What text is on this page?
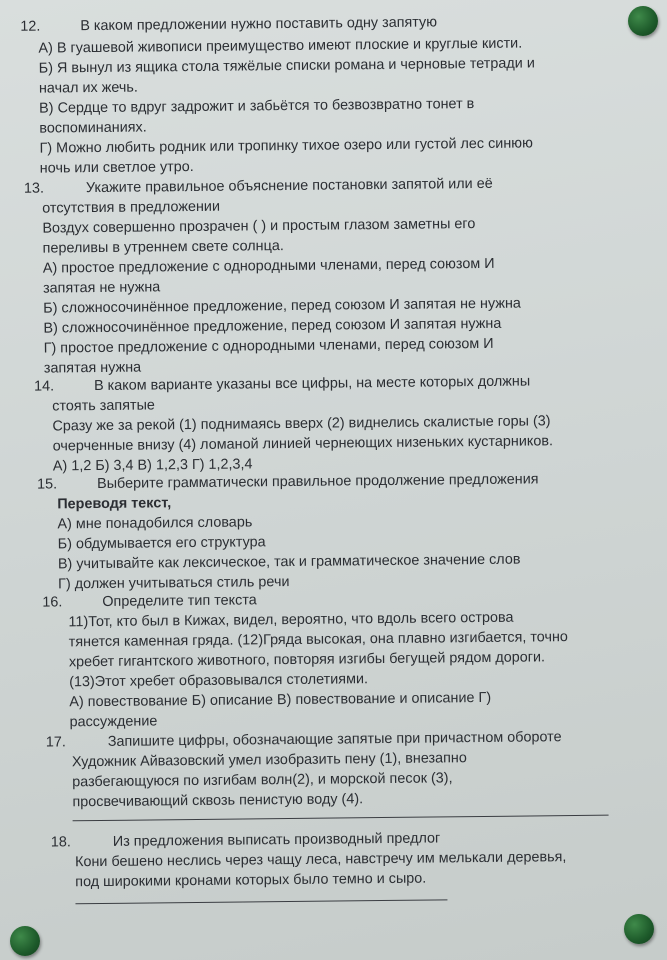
12.	В каком предложении нужно поставить одну запятую
А) В гуашевой живописи преимущество имеют плоские и круглые кисти.
Б) Я вынул из ящика стола тяжёлые списки романа и черновые тетради и
начал их жечь.
В) Сердце то вдруг задрожит и забьётся то безвозвратно тонет в
воспоминаниях.
Г) Можно любить родник или тропинку тихое озеро или густой лес синюю
ночь или светлое утро.
13.	Укажите правильное объяснение постановки запятой или её
отсутствия в предложении
Воздух совершенно прозрачен ( ) и простым глазом заметны его
переливы в утреннем свете солнца.
А) простое предложение с однородными членами, перед союзом И
запятая не нужна
Б) сложносочинённое предложение, перед союзом И запятая не нужна
В) сложносочинённое предложение, перед союзом И запятая нужна
Г) простое предложение с однородными членами, перед союзом И
запятая нужна
14.	В каком варианте указаны все цифры, на месте которых должны
стоять запятые
Сразу же за рекой (1) поднимаясь вверх (2) виднелись скалистые горы (3)
очерченные внизу (4) ломаной линией чернеющих низеньких кустарников.
А) 1,2 Б) 3,4 В) 1,2,3 Г) 1,2,3,4
15.	Выберите грамматически правильное продолжение предложения
Переводя текст,
А) мне понадобился словарь
Б) обдумывается его структура
В) учитывайте как лексическое, так и грамматическое значение слов
Г) должен учитываться стиль речи
16.	Определите тип текста
11)Тот, кто был в Кижах, видел, вероятно, что вдоль всего острова
тянется каменная гряда. (12)Гряда высокая, она плавно изгибается, точно
хребет гигантского животного, повторяя изгибы бегущей рядом дороги.
(13)Этот хребет образовывался столетиями.
А) повествование Б) описание В) повествование и описание Г)
рассуждение
17.	Запишите цифры, обозначающие запятые при причастном обороте
Художник Айвазовский умел изобразить пену (1), внезапно
разбегающуюся по изгибам волн(2), и морской песок (3),
просвечивающий сквозь пенистую воду (4).
18.	Из предложения выписать производный предлог
Кони бешено неслись через чащу леса, навстречу им мелькали деревья,
под широкими кронами которых было темно и сыро.
